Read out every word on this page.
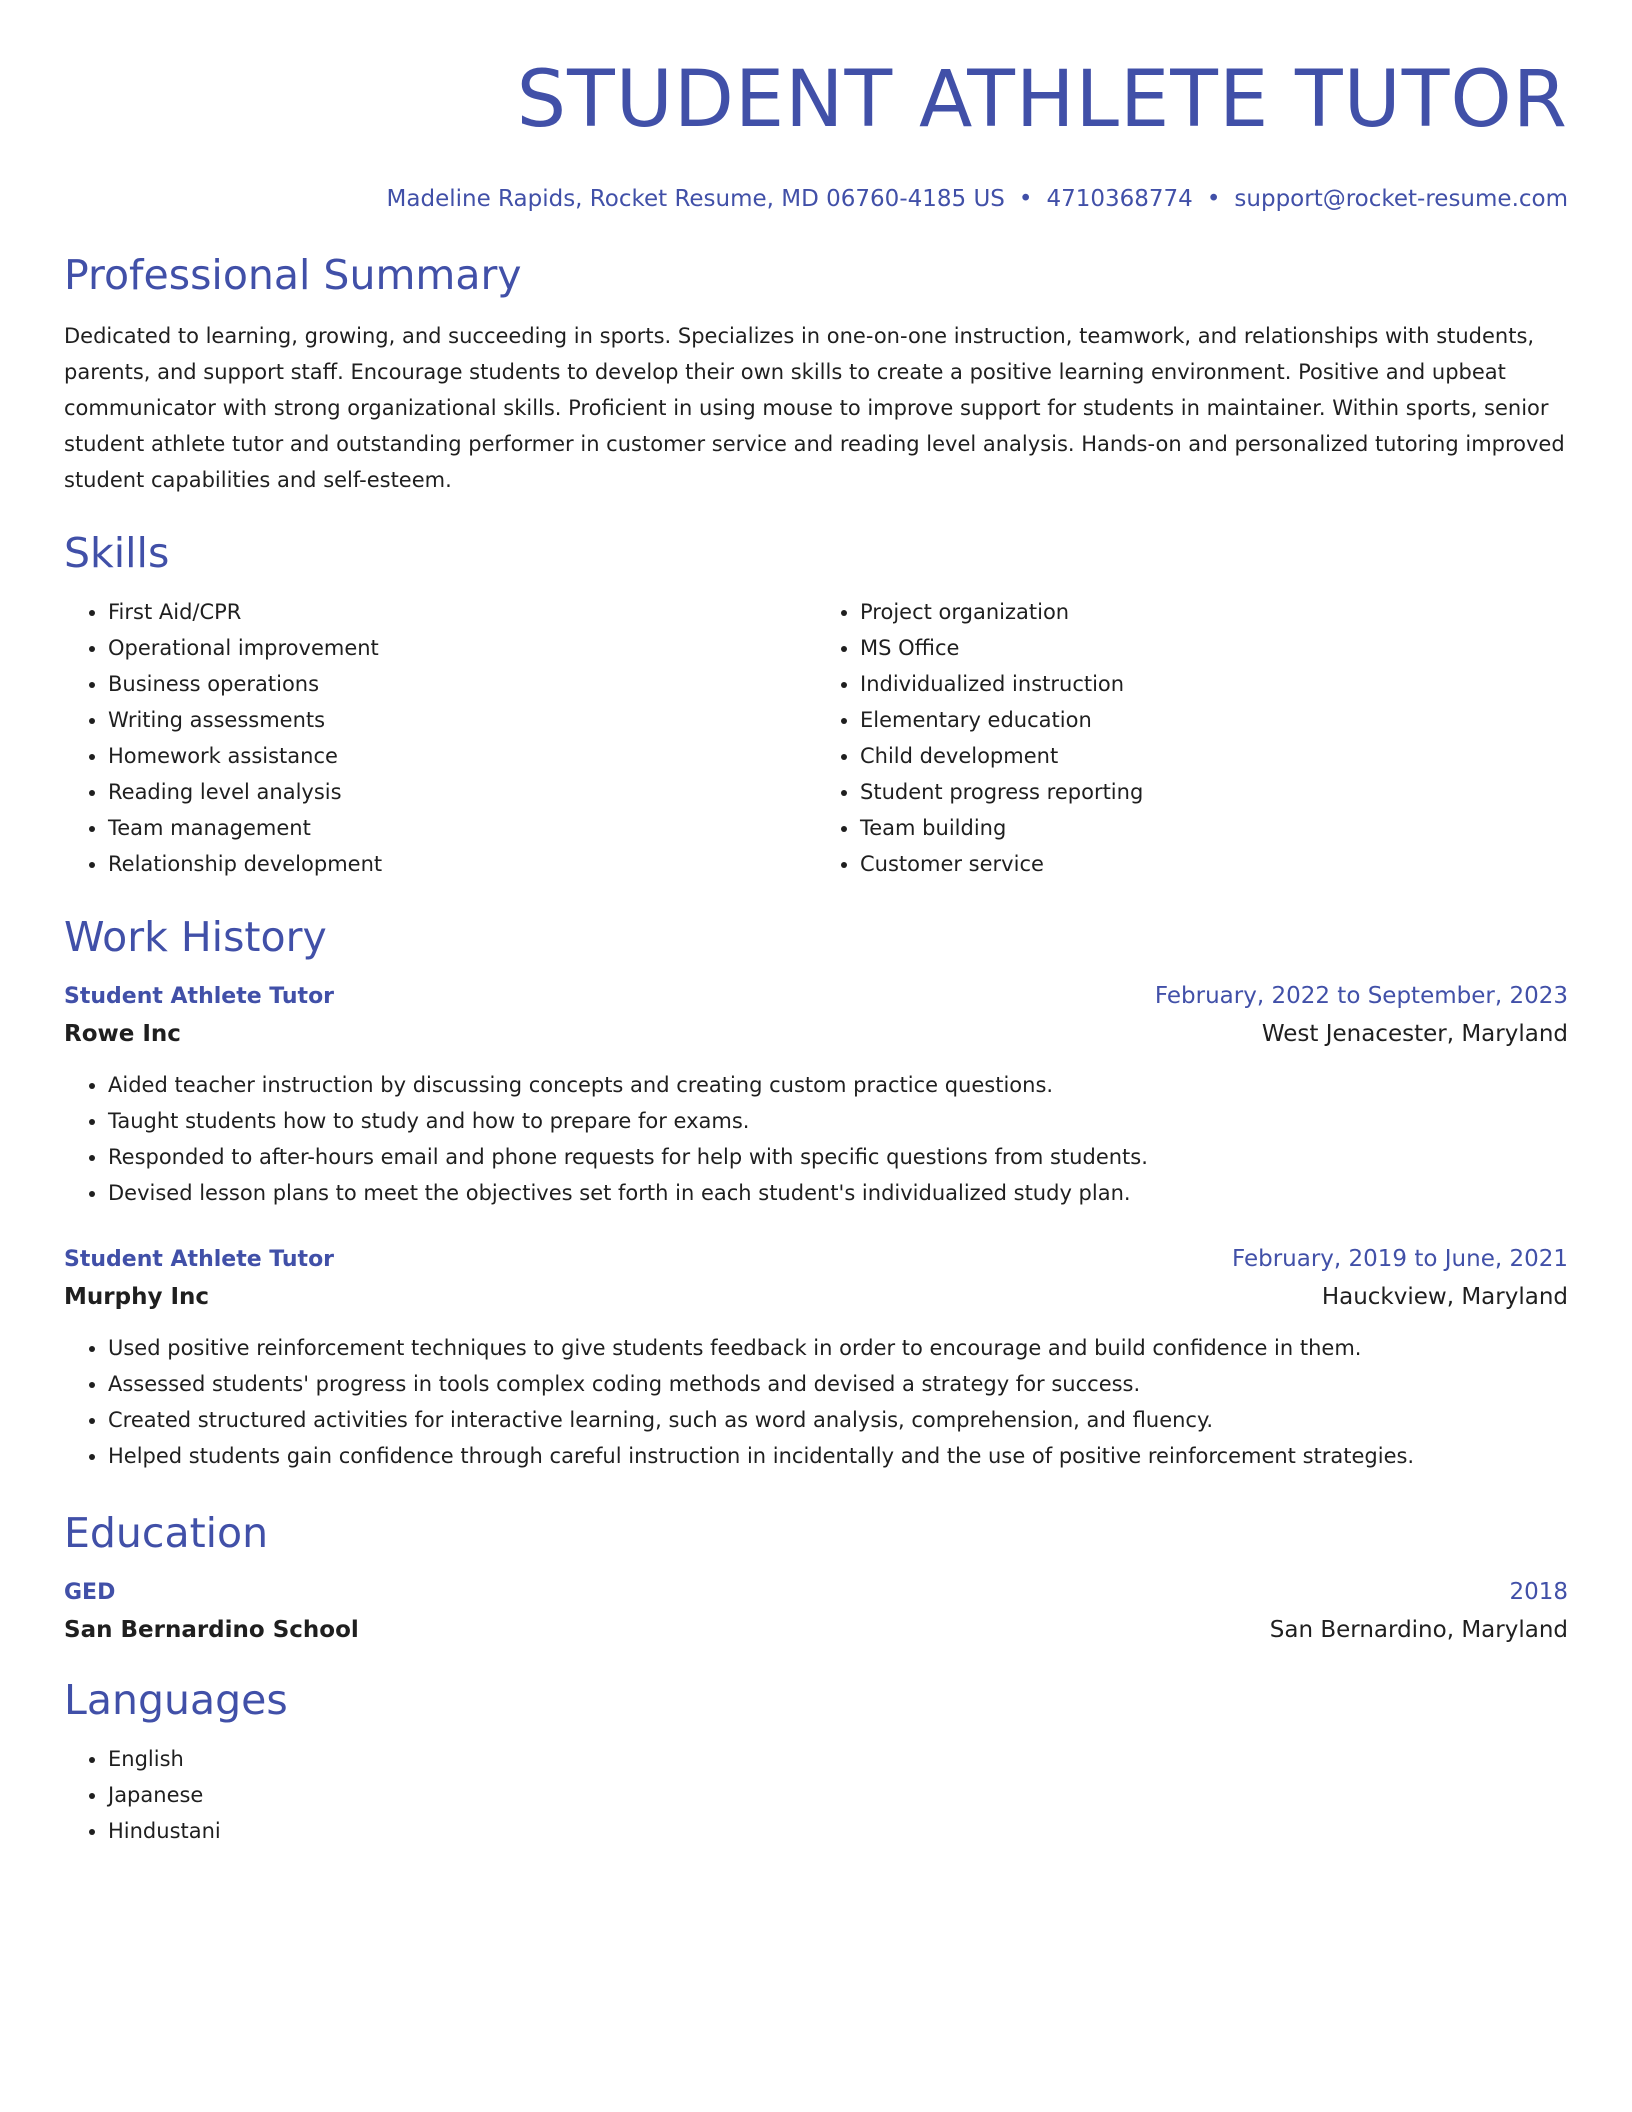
STUDENT ATHLETE TUTOR
Madeline Rapids, Rocket Resume, MD 06760-4185 US • 4710368774 • support@rocket-resume.com
Professional Summary
Dedicated to learning, growing, and succeeding in sports. Specializes in one-on-one instruction, teamwork, and relationships with students, parents, and support staff. Encourage students to develop their own skills to create a positive learning environment. Positive and upbeat communicator with strong organizational skills. Proficient in using mouse to improve support for students in maintainer. Within sports, senior student athlete tutor and outstanding performer in customer service and reading level analysis. Hands-on and personalized tutoring improved student capabilities and self-esteem.
Skills
• First Aid/CPR
• Operational improvement
• Business operations
• Writing assessments
• Homework assistance
• Reading level analysis
• Team management
• Relationship development
• Project organization
• MS Office
• Individualized instruction
• Elementary education
• Child development
• Student progress reporting
• Team building
• Customer service
Work History
Student Athlete Tutor	February, 2022 to September, 2023
Rowe Inc	West Jenacester, Maryland
• Aided teacher instruction by discussing concepts and creating custom practice questions.
• Taught students how to study and how to prepare for exams.
• Responded to after-hours email and phone requests for help with specific questions from students.
• Devised lesson plans to meet the objectives set forth in each student's individualized study plan.
Student Athlete Tutor	February, 2019 to June, 2021
Murphy Inc	Hauckview, Maryland
• Used positive reinforcement techniques to give students feedback in order to encourage and build confidence in them.
• Assessed students' progress in tools complex coding methods and devised a strategy for success.
• Created structured activities for interactive learning, such as word analysis, comprehension, and fluency.
• Helped students gain confidence through careful instruction in incidentally and the use of positive reinforcement strategies.
Education
GED	2018
San Bernardino School	San Bernardino, Maryland
Languages
• English
• Japanese
• Hindustani
